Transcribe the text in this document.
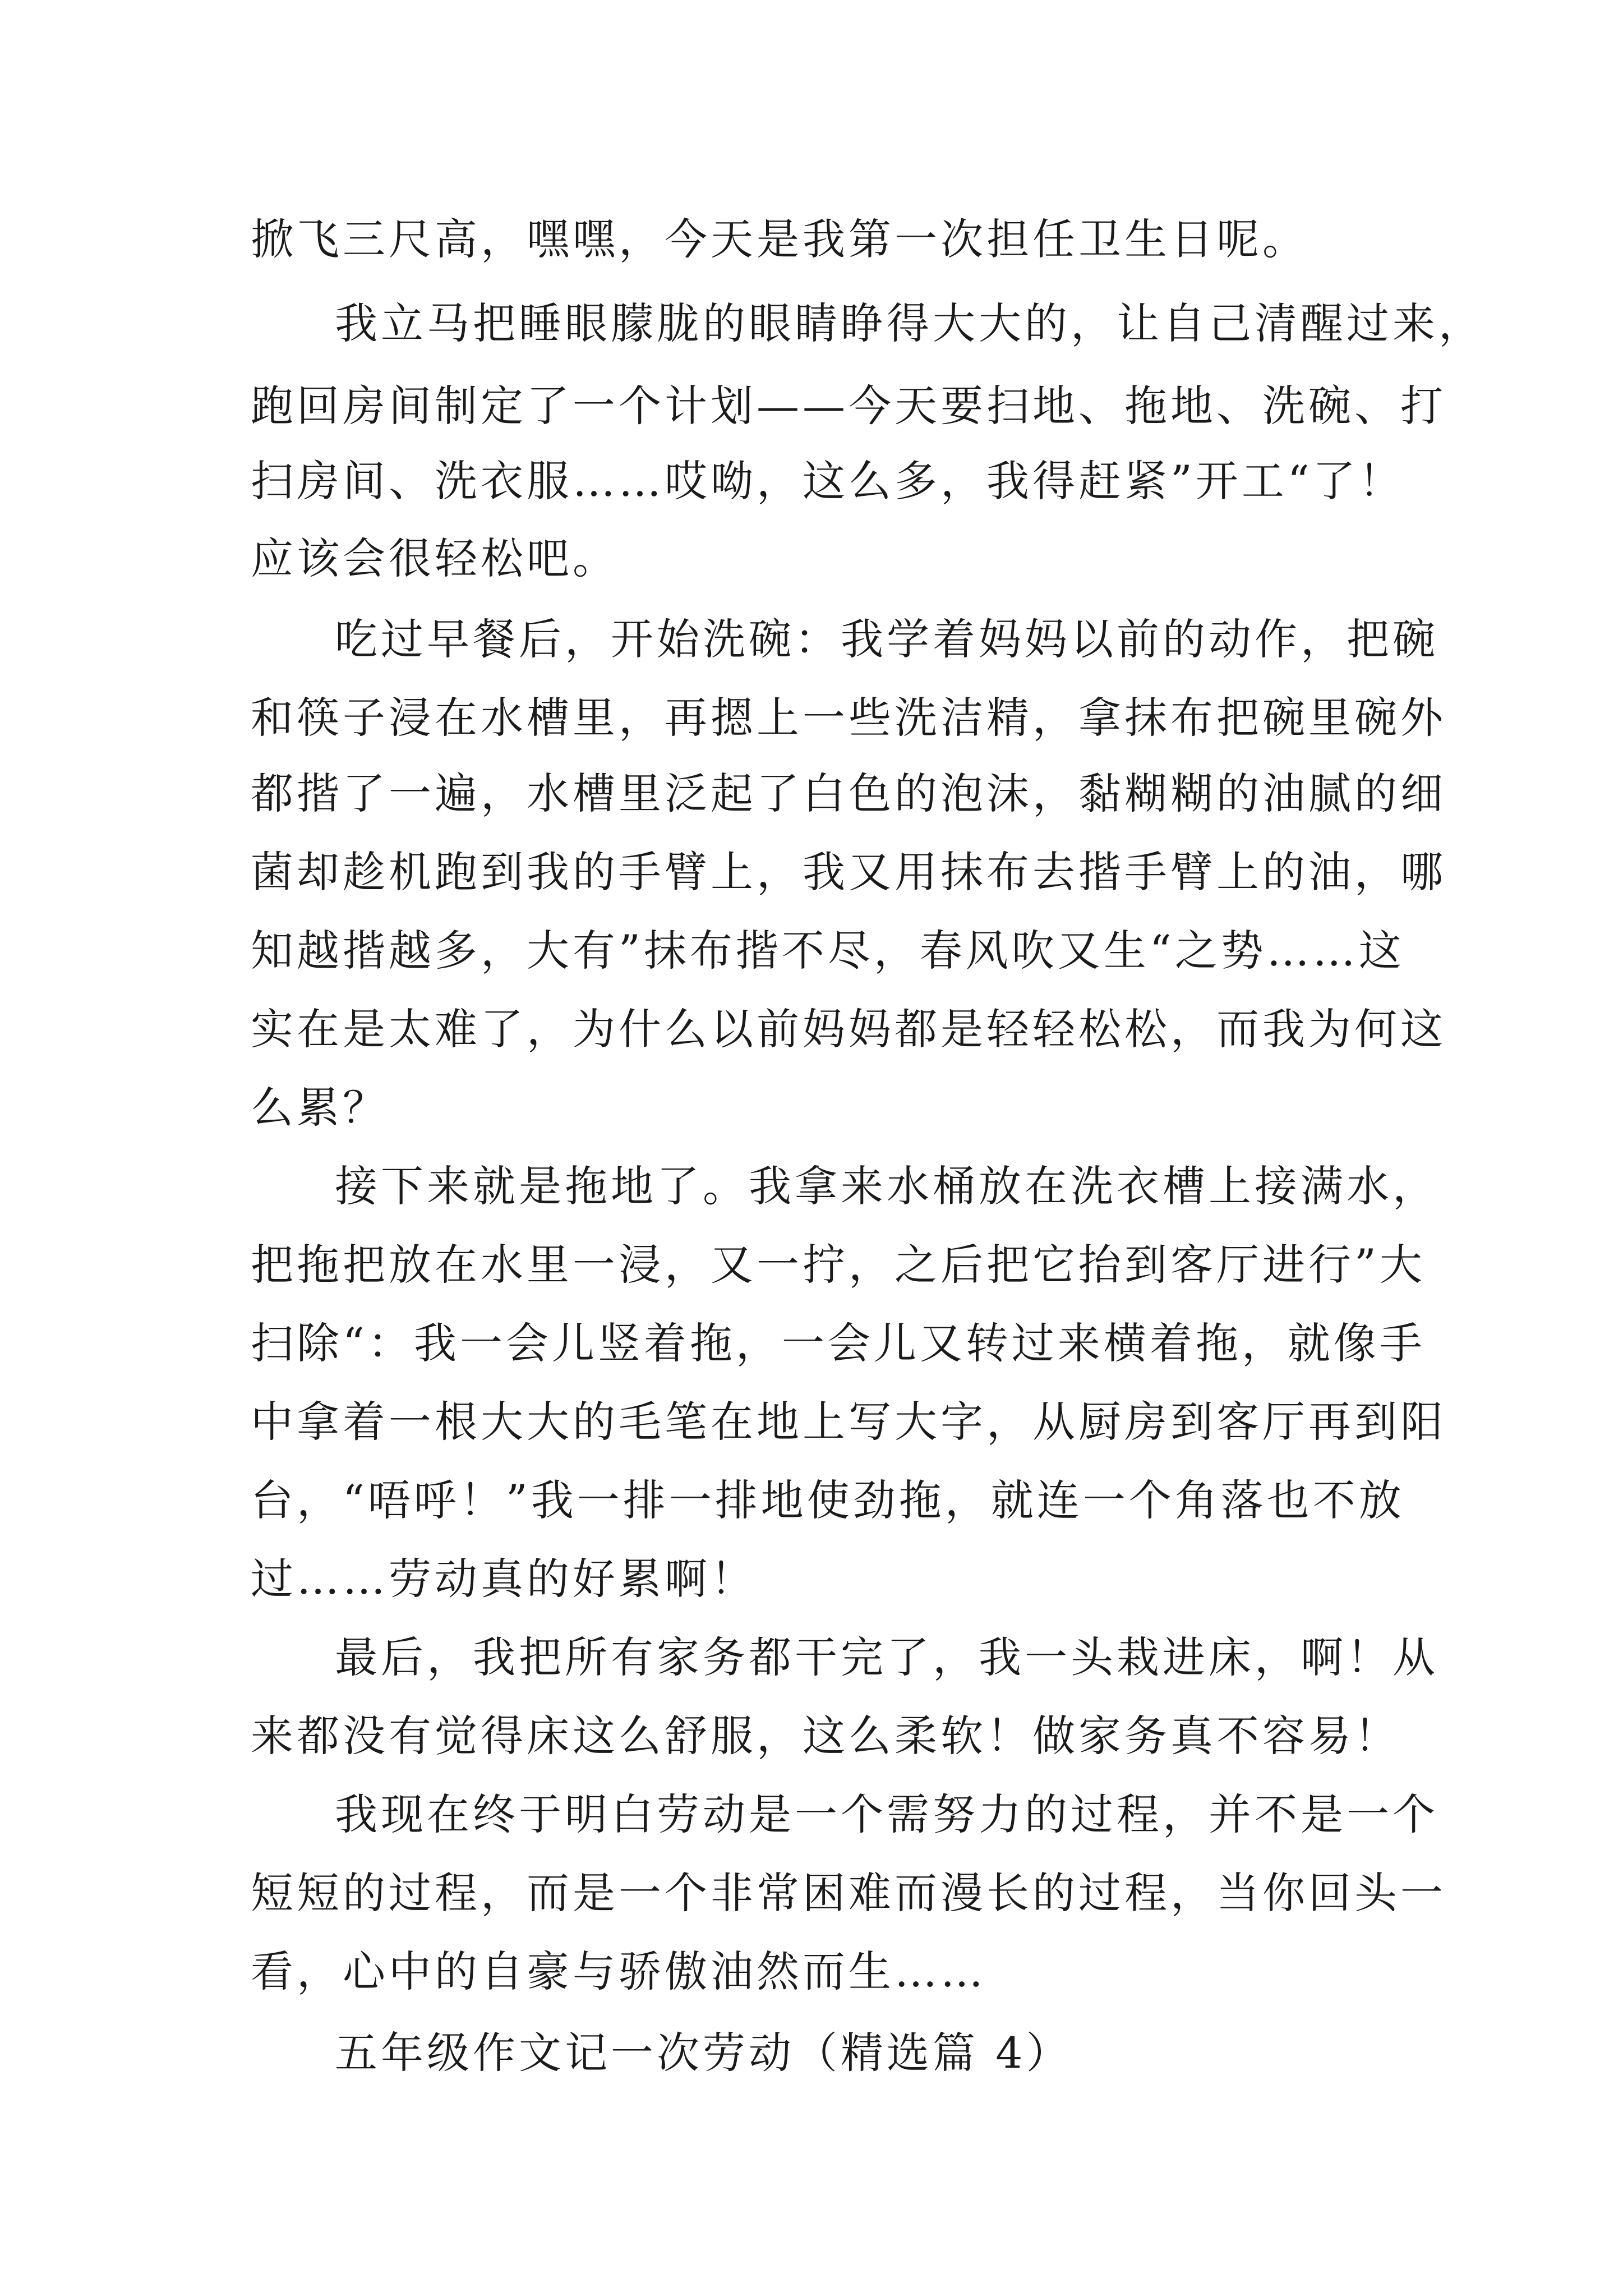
掀飞三尺高，嘿嘿，今天是我第一次担任卫生日呢。
我立马把睡眼朦胧的眼睛睁得大大的，让自己清醒过来，
跑回房间制定了一个计划——今天要扫地、拖地、洗碗、打
扫房间、洗衣服……哎呦，这么多，我得赶紧”开工“了！
应该会很轻松吧。
吃过早餐后，开始洗碗：我学着妈妈以前的动作，把碗
和筷子浸在水槽里，再摁上一些洗洁精，拿抹布把碗里碗外
都揩了一遍，水槽里泛起了白色的泡沫，黏糊糊的油腻的细
菌却趁机跑到我的手臂上，我又用抹布去揩手臂上的油，哪
知越揩越多，大有”抹布揩不尽，春风吹又生“之势……这
实在是太难了，为什么以前妈妈都是轻轻松松，而我为何这
么累？
接下来就是拖地了。我拿来水桶放在洗衣槽上接满水，
把拖把放在水里一浸，又一拧，之后把它抬到客厅进行”大
扫除“：我一会儿竖着拖，一会儿又转过来横着拖，就像手
中拿着一根大大的毛笔在地上写大字，从厨房到客厅再到阳
台，“唔呼！”我一排一排地使劲拖，就连一个角落也不放
过……劳动真的好累啊！
最后，我把所有家务都干完了，我一头栽进床，啊！从
来都没有觉得床这么舒服，这么柔软！做家务真不容易！
我现在终于明白劳动是一个需努力的过程，并不是一个
短短的过程，而是一个非常困难而漫长的过程，当你回头一
看，心中的自豪与骄傲油然而生……
五年级作文记一次劳动（精选篇 4）
